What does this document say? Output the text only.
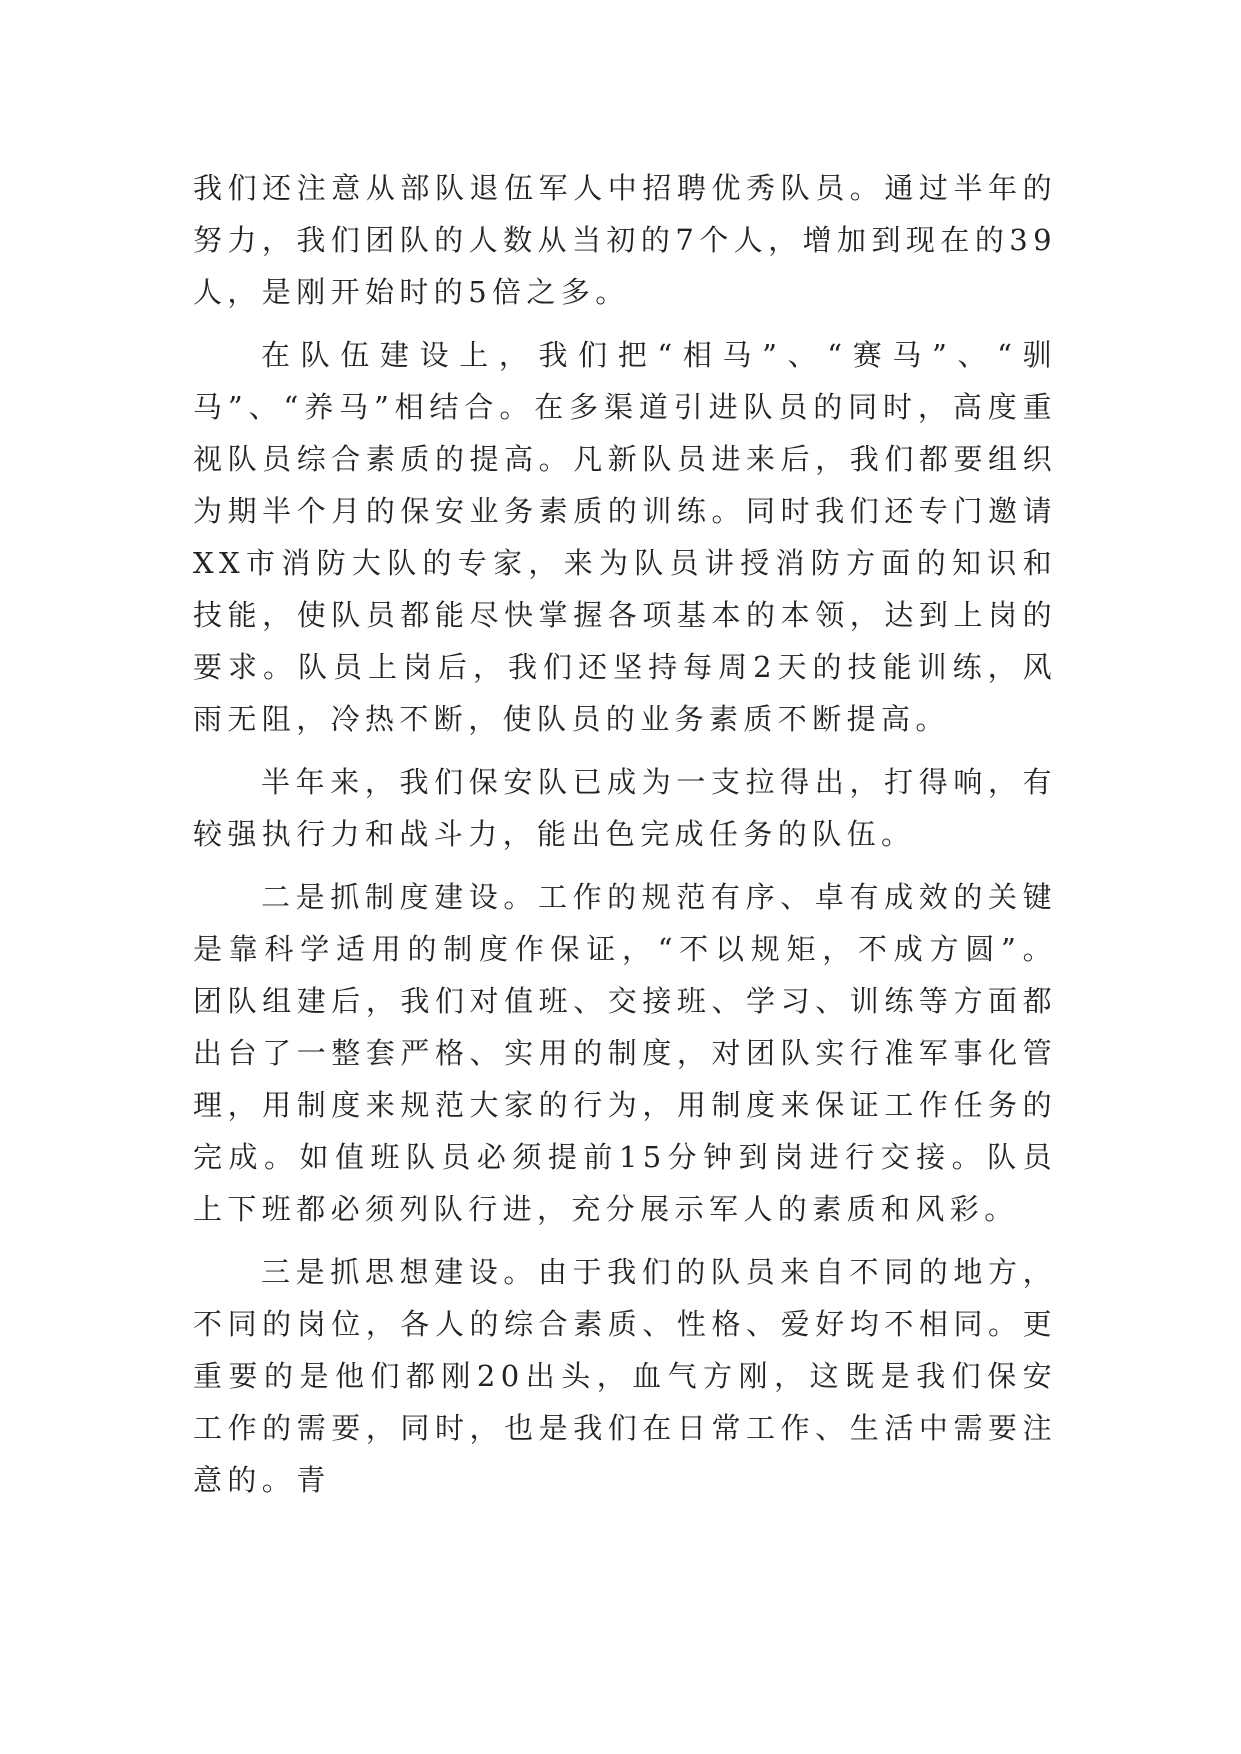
我们还注意从部队退伍军人中招聘优秀队员。通过半年的努力，我们团队的人数从当初的7个人，增加到现在的39人，是刚开始时的5倍之多。

在队伍建设上，我们把“相马”、“赛马”、“驯马”、“养马”相结合。在多渠道引进队员的同时，高度重视队员综合素质的提高。凡新队员进来后，我们都要组织为期半个月的保安业务素质的训练。同时我们还专门邀请XX市消防大队的专家，来为队员讲授消防方面的知识和技能，使队员都能尽快掌握各项基本的本领，达到上岗的要求。队员上岗后，我们还坚持每周2天的技能训练，风雨无阻，冷热不断，使队员的业务素质不断提高。

半年来，我们保安队已成为一支拉得出，打得响，有较强执行力和战斗力，能出色完成任务的队伍。

二是抓制度建设。工作的规范有序、卓有成效的关键是靠科学适用的制度作保证，“不以规矩，不成方圆”。团队组建后，我们对值班、交接班、学习、训练等方面都出台了一整套严格、实用的制度，对团队实行准军事化管理，用制度来规范大家的行为，用制度来保证工作任务的完成。如值班队员必须提前15分钟到岗进行交接。队员上下班都必须列队行进，充分展示军人的素质和风彩。

三是抓思想建设。由于我们的队员来自不同的地方，不同的岗位，各人的综合素质、性格、爱好均不相同。更重要的是他们都刚20出头，血气方刚，这既是我们保安工作的需要，同时，也是我们在日常工作、生活中需要注意的。青
